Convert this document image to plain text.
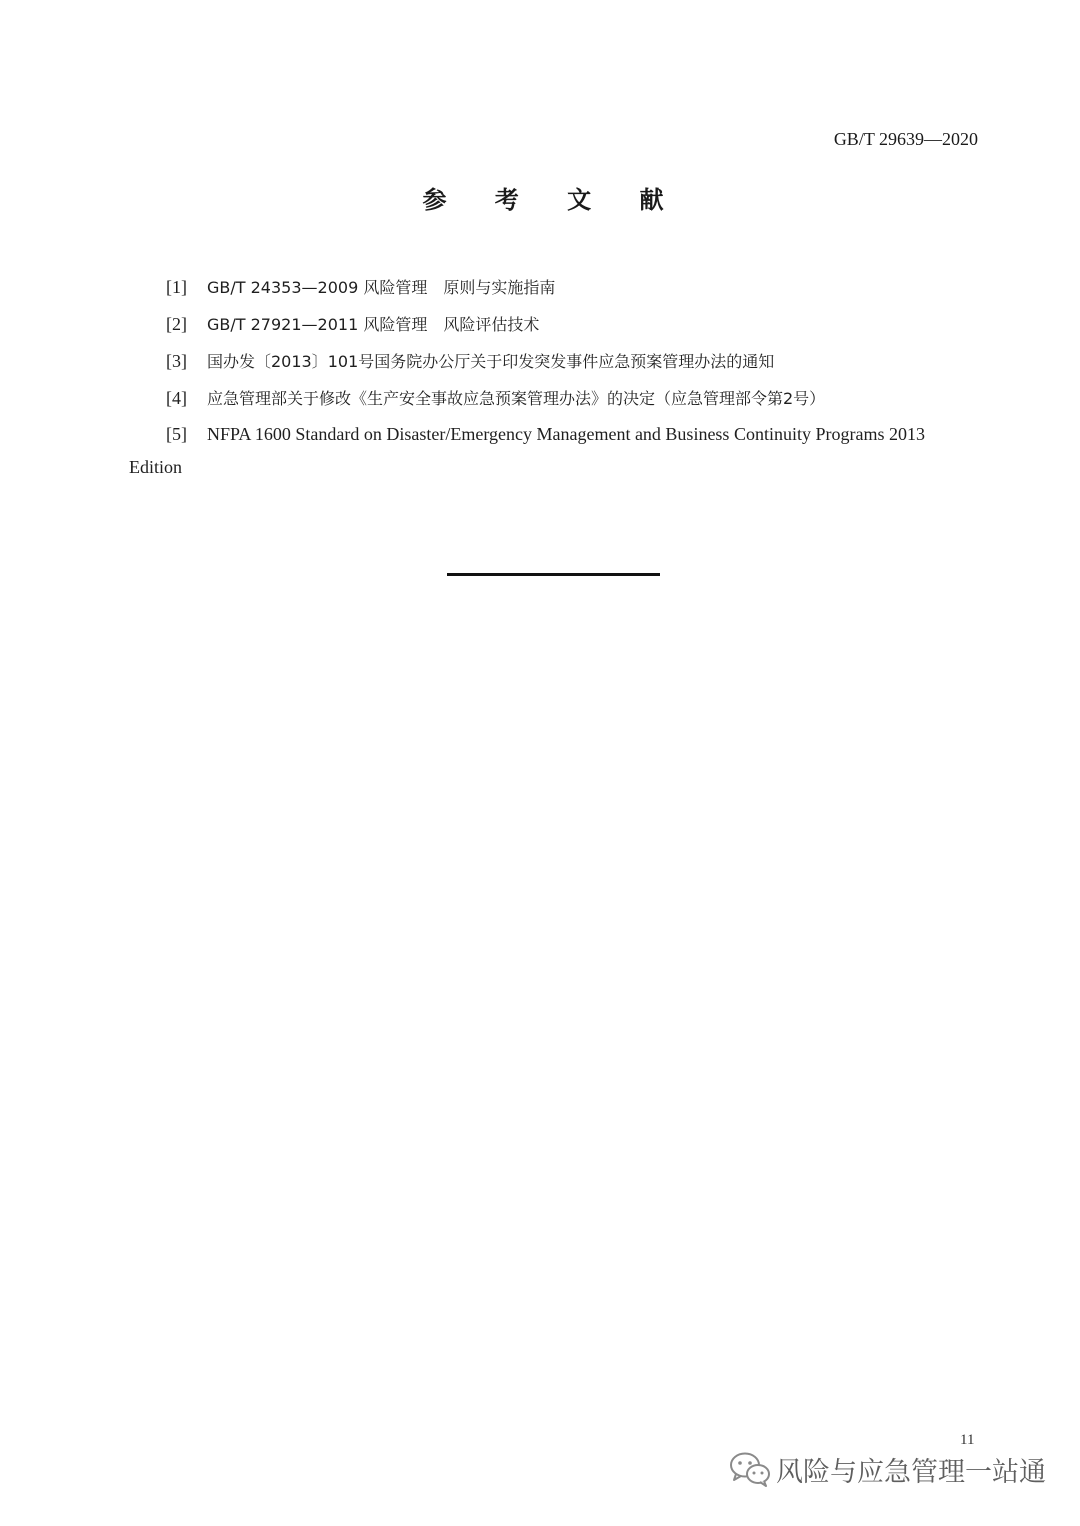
GB/T 29639—2020
参 考 文 献
[1] GB/T 24353—2009 风险管理　原则与实施指南
[2] GB/T 27921—2011 风险管理　风险评估技术
[3] 国办发〔2013〕101号国务院办公厅关于印发突发事件应急预案管理办法的通知
[4] 应急管理部关于修改《生产安全事故应急预案管理办法》的决定（应急管理部令第2号）
[5] NFPA 1600 Standard on Disaster/Emergency Management and Business Continuity Programs 2013
Edition
11
风险与应急管理一站通
